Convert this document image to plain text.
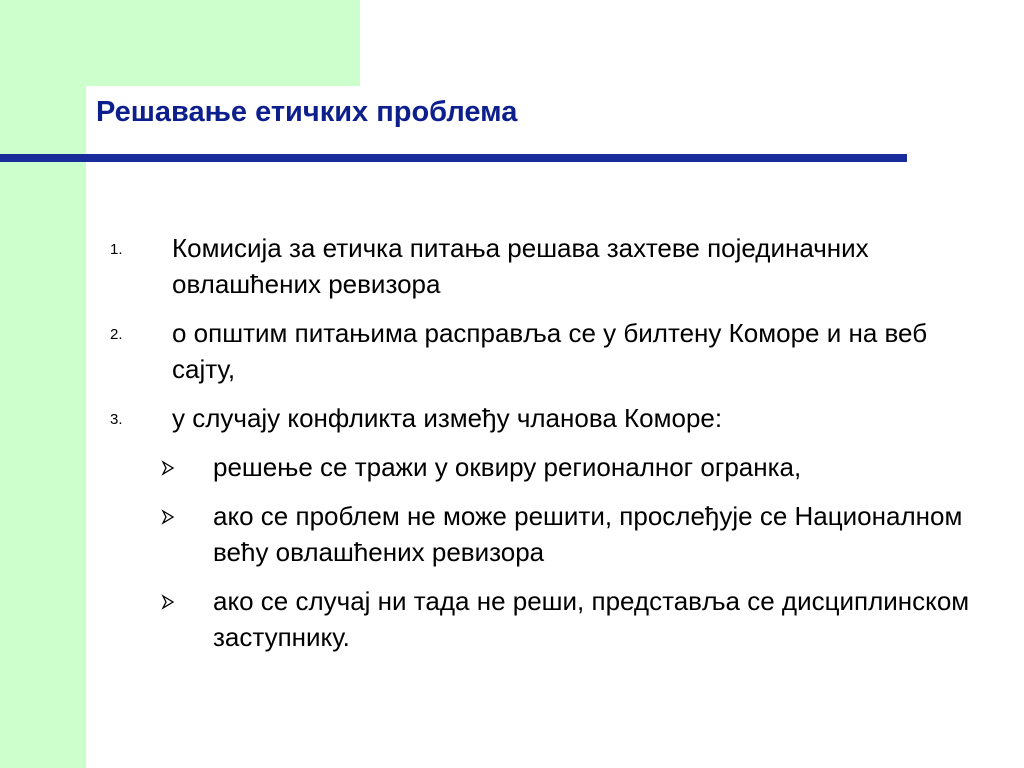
Решавање етичких проблема
1. Комисија за етичка питања решава захтеве појединачних овлашћених ревизора
2. о општим питањима расправља се у билтену Коморе и на веб сајту,
3. у случају конфликта између чланова Коморе:
решење се тражи у оквиру регионалног огранка,
ако се проблем не може решити, прослеђује се Националном већу овлашћених ревизора
ако се случај ни тада не реши, представља се дисциплинском заступнику.
